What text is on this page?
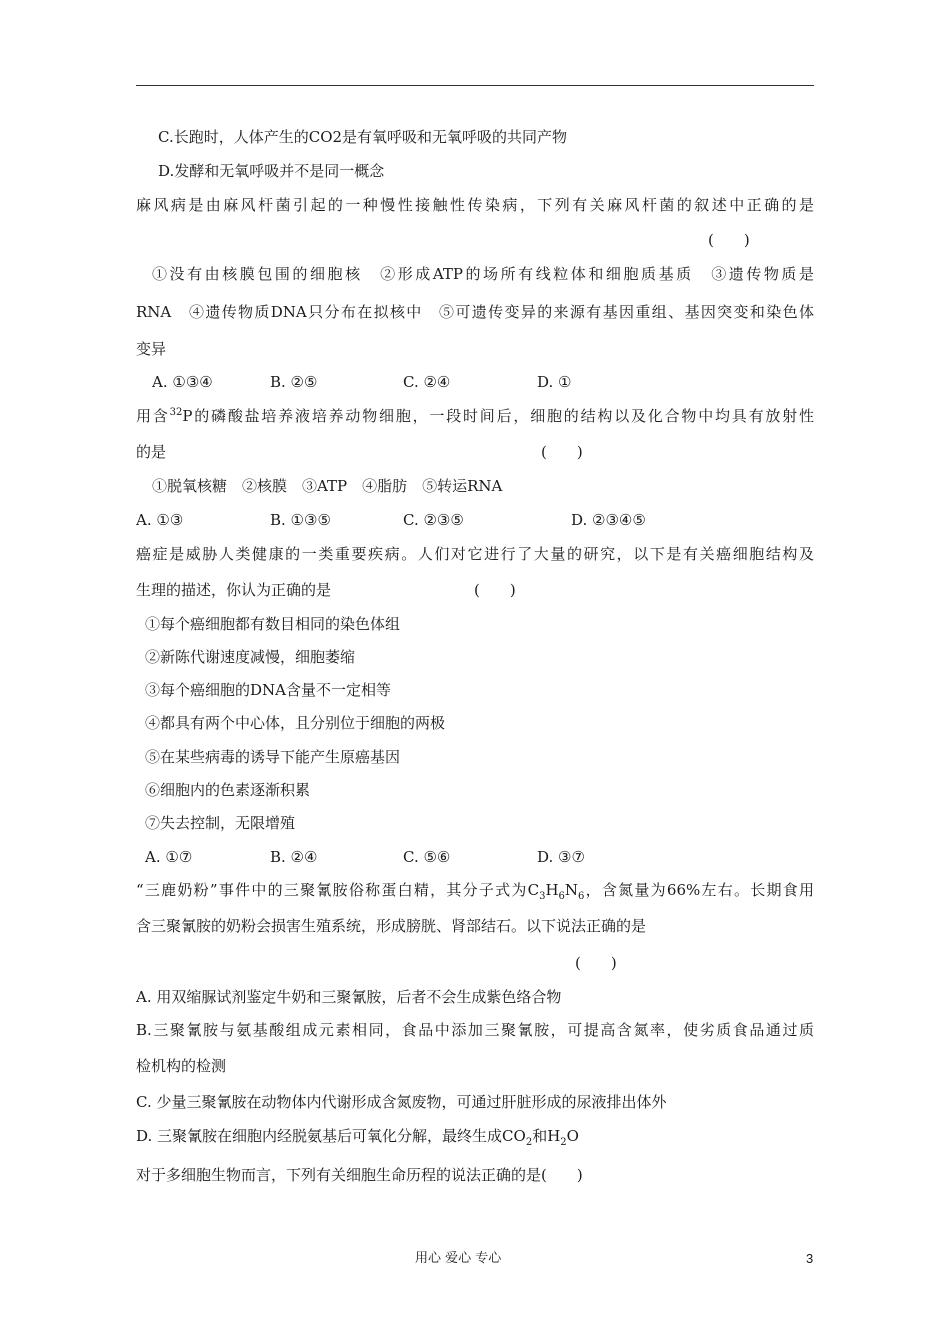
C.长跑时，人体产生的CO2是有氧呼吸和无氧呼吸的共同产物
D.发酵和无氧呼吸并不是同一概念
麻风病是由麻风杆菌引起的一种慢性接触性传染病，下列有关麻风杆菌的叙述中正确的是
(　　)
①没有由核膜包围的细胞核　②形成ATP的场所有线粒体和细胞质基质　③遗传物质是
RNA　④遗传物质DNA只分布在拟核中　⑤可遗传变异的来源有基因重组、基因突变和染色体
变异
A. ①③④	B. ②⑤	C. ②④	D. ①
用含$^{32}$P的磷酸盐培养液培养动物细胞，一段时间后，细胞的结构以及化合物中均具有放射性
的是	(　　)
①脱氧核糖　②核膜　③ATP　④脂肪　⑤转运RNA
A. ①③	B. ①③⑤	C. ②③⑤	D. ②③④⑤
癌症是威胁人类健康的一类重要疾病。人们对它进行了大量的研究，以下是有关癌细胞结构及
生理的描述，你认为正确的是	(　　)
①每个癌细胞都有数目相同的染色体组
②新陈代谢速度减慢，细胞萎缩
③每个癌细胞的DNA含量不一定相等
④都具有两个中心体，且分别位于细胞的两极
⑤在某些病毒的诱导下能产生原癌基因
⑥细胞内的色素逐渐积累
⑦失去控制，无限增殖
A. ①⑦	B. ②④	C. ⑤⑥	D. ③⑦
“三鹿奶粉”事件中的三聚氰胺俗称蛋白精，其分子式为$C_3H_6N_6$，含氮量为66%左右。长期食用
含三聚氰胺的奶粉会损害生殖系统，形成膀胱、肾部结石。以下说法正确的是
(　　)
A. 用双缩脲试剂鉴定牛奶和三聚氰胺，后者不会生成紫色络合物
B.三聚氰胺与氨基酸组成元素相同，食品中添加三聚氰胺，可提高含氮率，使劣质食品通过质
检机构的检测
C. 少量三聚氰胺在动物体内代谢形成含氮废物，可通过肝脏形成的尿液排出体外
D. 三聚氰胺在细胞内经脱氨基后可氧化分解，最终生成$CO_2$和$H_2O$
对于多细胞生物而言，下列有关细胞生命历程的说法正确的是(　　)
用心 爱心 专心	3
